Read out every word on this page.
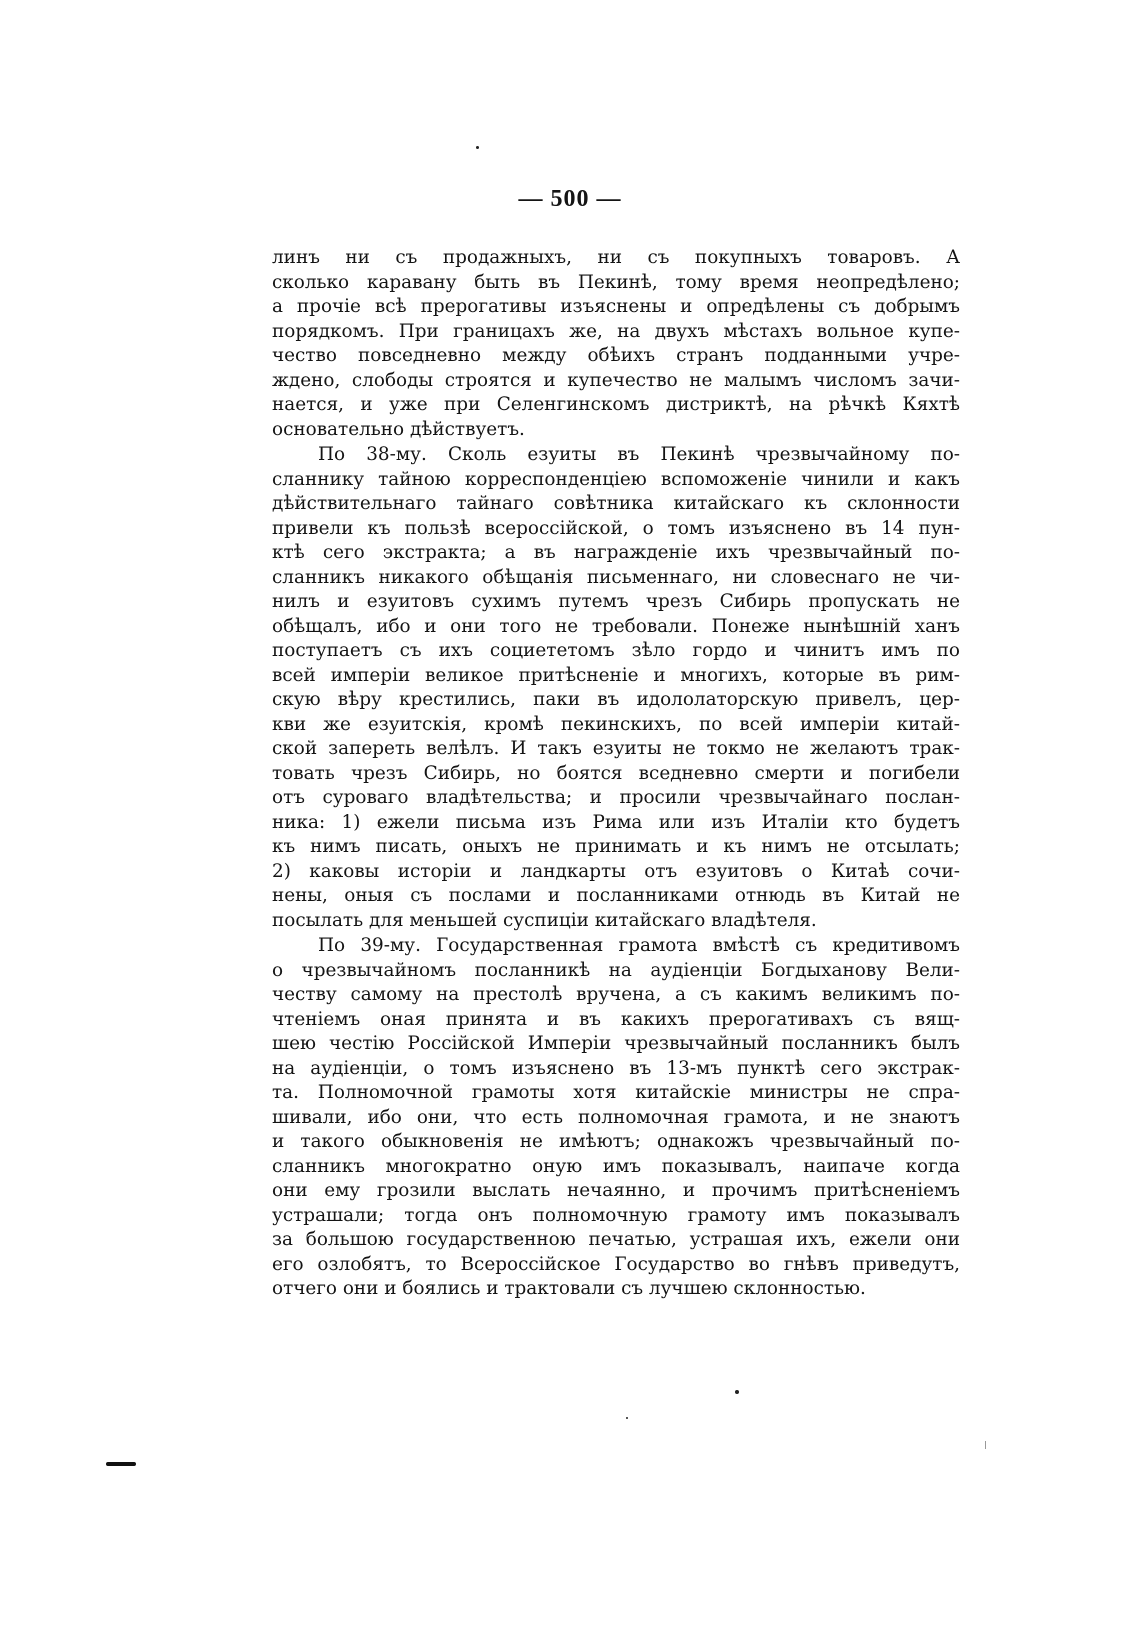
— 500 —
линъ ни съ продажныхъ, ни съ покупныхъ товаровъ. А
сколько каравану быть въ Пекинѣ, тому время неопредѣлено;
а прочіе всѣ прерогативы изъяснены и опредѣлены съ добрымъ
порядкомъ. При границахъ же, на двухъ мѣстахъ вольное купе-
чество повседневно между обѣихъ странъ подданными учре-
ждено, слободы строятся и купечество не малымъ числомъ зачи-
нается, и уже при Селенгинскомъ дистриктѣ, на рѣчкѣ Кяхтѣ
основательно дѣйствуетъ.
По 38-му. Сколь езуиты въ Пекинѣ чрезвычайному по-
сланнику тайною корреспонденціею вспоможеніе чинили и какъ
дѣйствительнаго тайнаго совѣтника китайскаго къ склонности
привели къ пользѣ всероссійской, о томъ изъяснено въ 14 пун-
ктѣ сего экстракта; а въ награжденіе ихъ чрезвычайный по-
сланникъ никакого обѣщанія письменнаго, ни словеснаго не чи-
нилъ и езуитовъ сухимъ путемъ чрезъ Сибирь пропускать не
обѣщалъ, ибо и они того не требовали. Понеже нынѣшній ханъ
поступаетъ съ ихъ социететомъ зѣло гордо и чинитъ имъ по
всей имперіи великое притѣсненіе и многихъ, которые въ рим-
скую вѣру крестились, паки въ идололаторскую привелъ, цер-
кви же езуитскія, кромѣ пекинскихъ, по всей имперіи китай-
ской запереть велѣлъ. И такъ езуиты не токмо не желаютъ трак-
товать чрезъ Сибирь, но боятся вседневно смерти и погибели
отъ суроваго владѣтельства; и просили чрезвычайнаго послан-
ника: 1) ежели письма изъ Рима или изъ Италіи кто будетъ
къ нимъ писать, оныхъ не принимать и къ нимъ не отсылать;
2) каковы исторіи и ландкарты отъ езуитовъ о Китаѣ сочи-
нены, оныя съ послами и посланниками отнюдь въ Китай не
посылать для меньшей суспиціи китайскаго владѣтеля.
По 39-му. Государственная грамота вмѣстѣ съ кредитивомъ
о чрезвычайномъ посланникѣ на аудіенціи Богдыханову Вели-
честву самому на престолѣ вручена, а съ какимъ великимъ по-
чтеніемъ оная принята и въ какихъ прерогативахъ съ вящ-
шею честію Россійской Имперіи чрезвычайный посланникъ былъ
на аудіенціи, о томъ изъяснено въ 13-мъ пунктѣ сего экстрак-
та. Полномочной грамоты хотя китайскіе министры не спра-
шивали, ибо они, что есть полномочная грамота, и не знаютъ
и такого обыкновенія не имѣютъ; однакожъ чрезвычайный по-
сланникъ многократно оную имъ показывалъ, наипаче когда
они ему грозили выслать нечаянно, и прочимъ притѣсненіемъ
устрашали; тогда онъ полномочную грамоту имъ показывалъ
за большою государственною печатью, устрашая ихъ, ежели они
его озлобятъ, то Всероссійское Государство во гнѣвъ приведутъ,
отчего они и боялись и трактовали съ лучшею склонностью.
